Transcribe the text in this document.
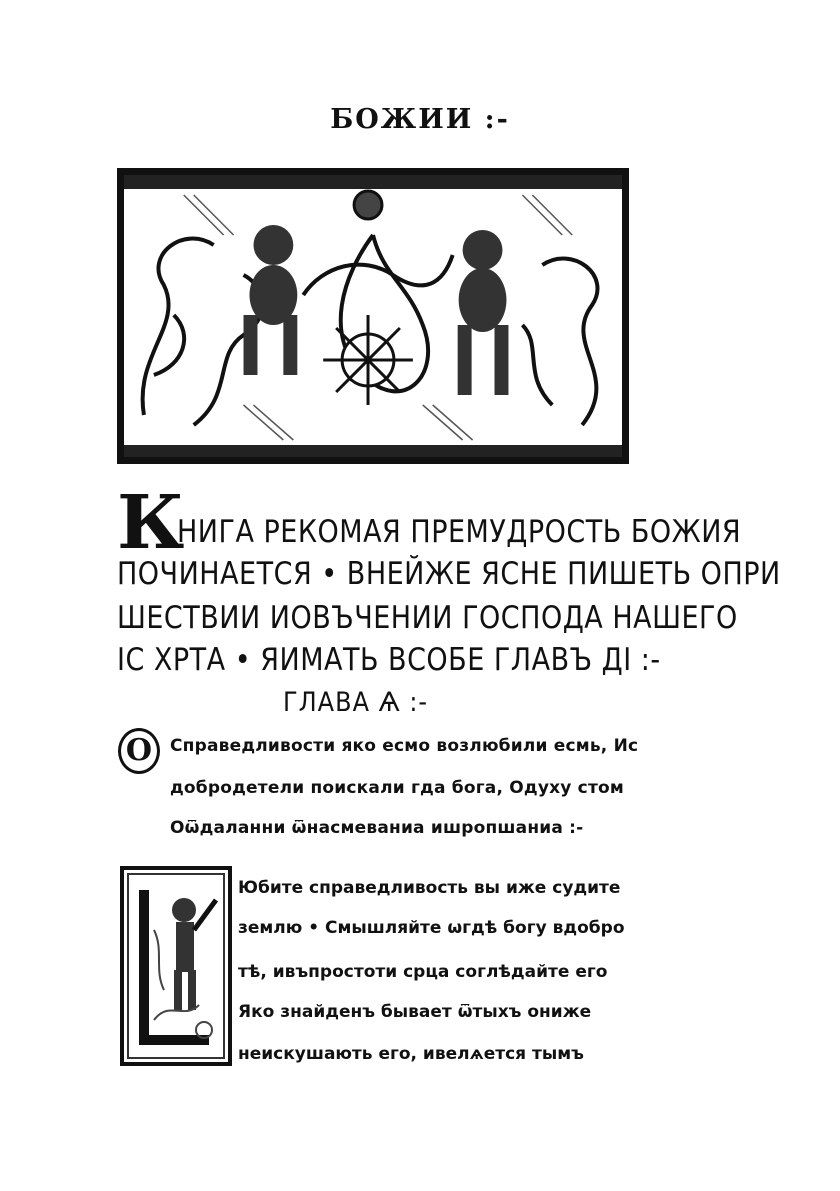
БОЖИИ :-
К
НИГА РЕКОМАЯ ПРЕМУДРОСТЬ БОЖИЯ
ПОЧИНАЕТСЯ • ВНЕЙЖЕ ЯСНЕ ПИШЕТЬ ОПРИ
ШЕСТВИИ ИОВЪЧЕНИИ ГОСПОДА НАШЕГО
ІС ХРТА • ЯИМАТЬ ВСОБЕ ГЛАВЪ ДІ :-
ГЛАВА Ѧ :-
О	Справедливости яко есмо возлюбили есмь, Ис
добродетели поискали гда бога, Одуху стом
Оѿдаланни ѿнасмеваниа ишропшаниа :-
Юбите справедливость вы иже судите
землю • Смышляйте ѡгдѣ богу вдобро
тѣ, ивъпростоти срца соглѣдайте его
Яко знайденъ бывает ѿтыхъ ониже
неискушають его, ивелѧется тымъ
